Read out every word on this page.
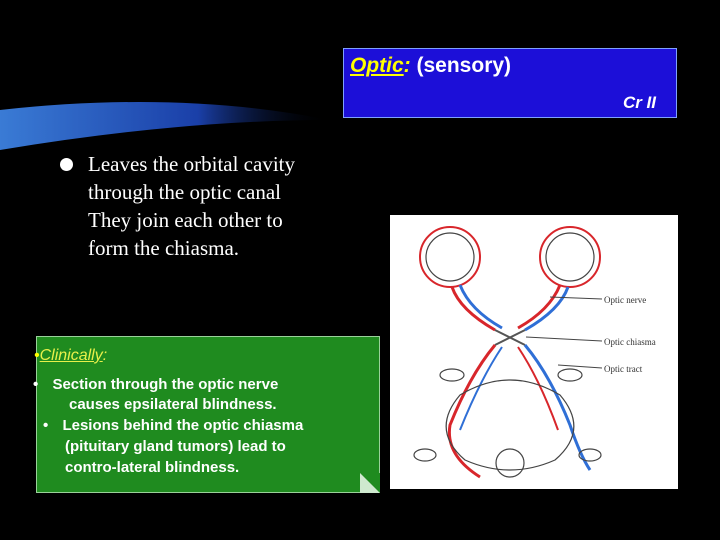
Optic: (sensory)
Cr II
Leaves the orbital cavity
through the optic canal
They join each other to
form the chiasma.
•Clinically:
• Section through the optic nerve
causes epsilateral blindness.
• Lesions behind the optic chiasma
(pituitary gland tumors) lead to
contro-lateral blindness.
Optic nerve
Optic chiasma
Optic tract
